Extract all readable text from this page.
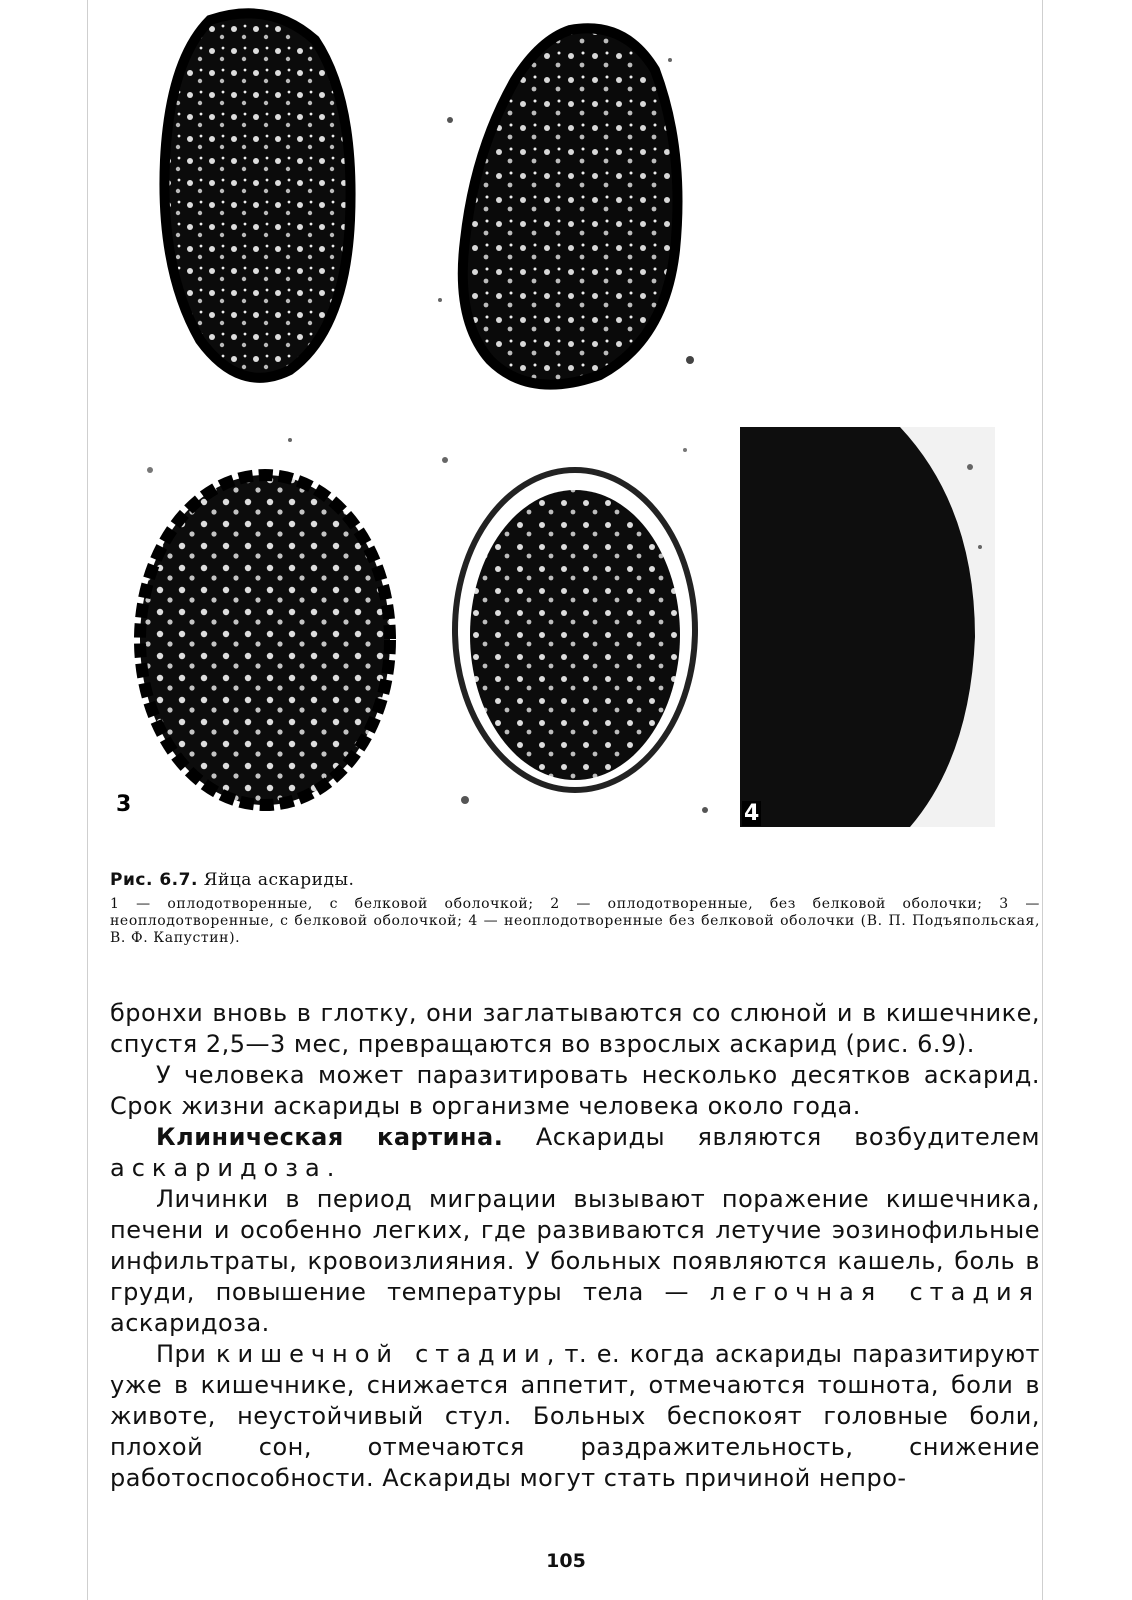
3	4

Рис. 6.7. Яйца аскариды.

1 — оплодотворенные, с белковой оболочкой; 2 — оплодотворенные, без белковой оболочки; 3 — неоплодотворенные, с белковой оболочкой; 4 — неоплодотворенные без белковой оболочки (В. П. Подъяпольская, В. Ф. Капустин).

бронхи вновь в глотку, они заглатываются со слюной и в кишечнике, спустя 2,5—3 мес, превращаются во взрослых аскарид (рис. 6.9).

У человека может паразитировать несколько десятков аскарид. Срок жизни аскариды в организме человека около года.

Клиническая картина. Аскариды являются возбудителем аскаридоза.

Личинки в период миграции вызывают поражение кишечника, печени и особенно легких, где развиваются летучие эозинофильные инфильтраты, кровоизлияния. У больных появляются кашель, боль в груди, повышение температуры тела — легочная стадия аскаридоза.

При кишечной стадии, т. е. когда аскариды паразитируют уже в кишечнике, снижается аппетит, отмечаются тошнота, боли в животе, неустойчивый стул. Больных беспокоят головные боли, плохой сон, отмечаются раздражительность, снижение работоспособности. Аскариды могут стать причиной непро-

105
